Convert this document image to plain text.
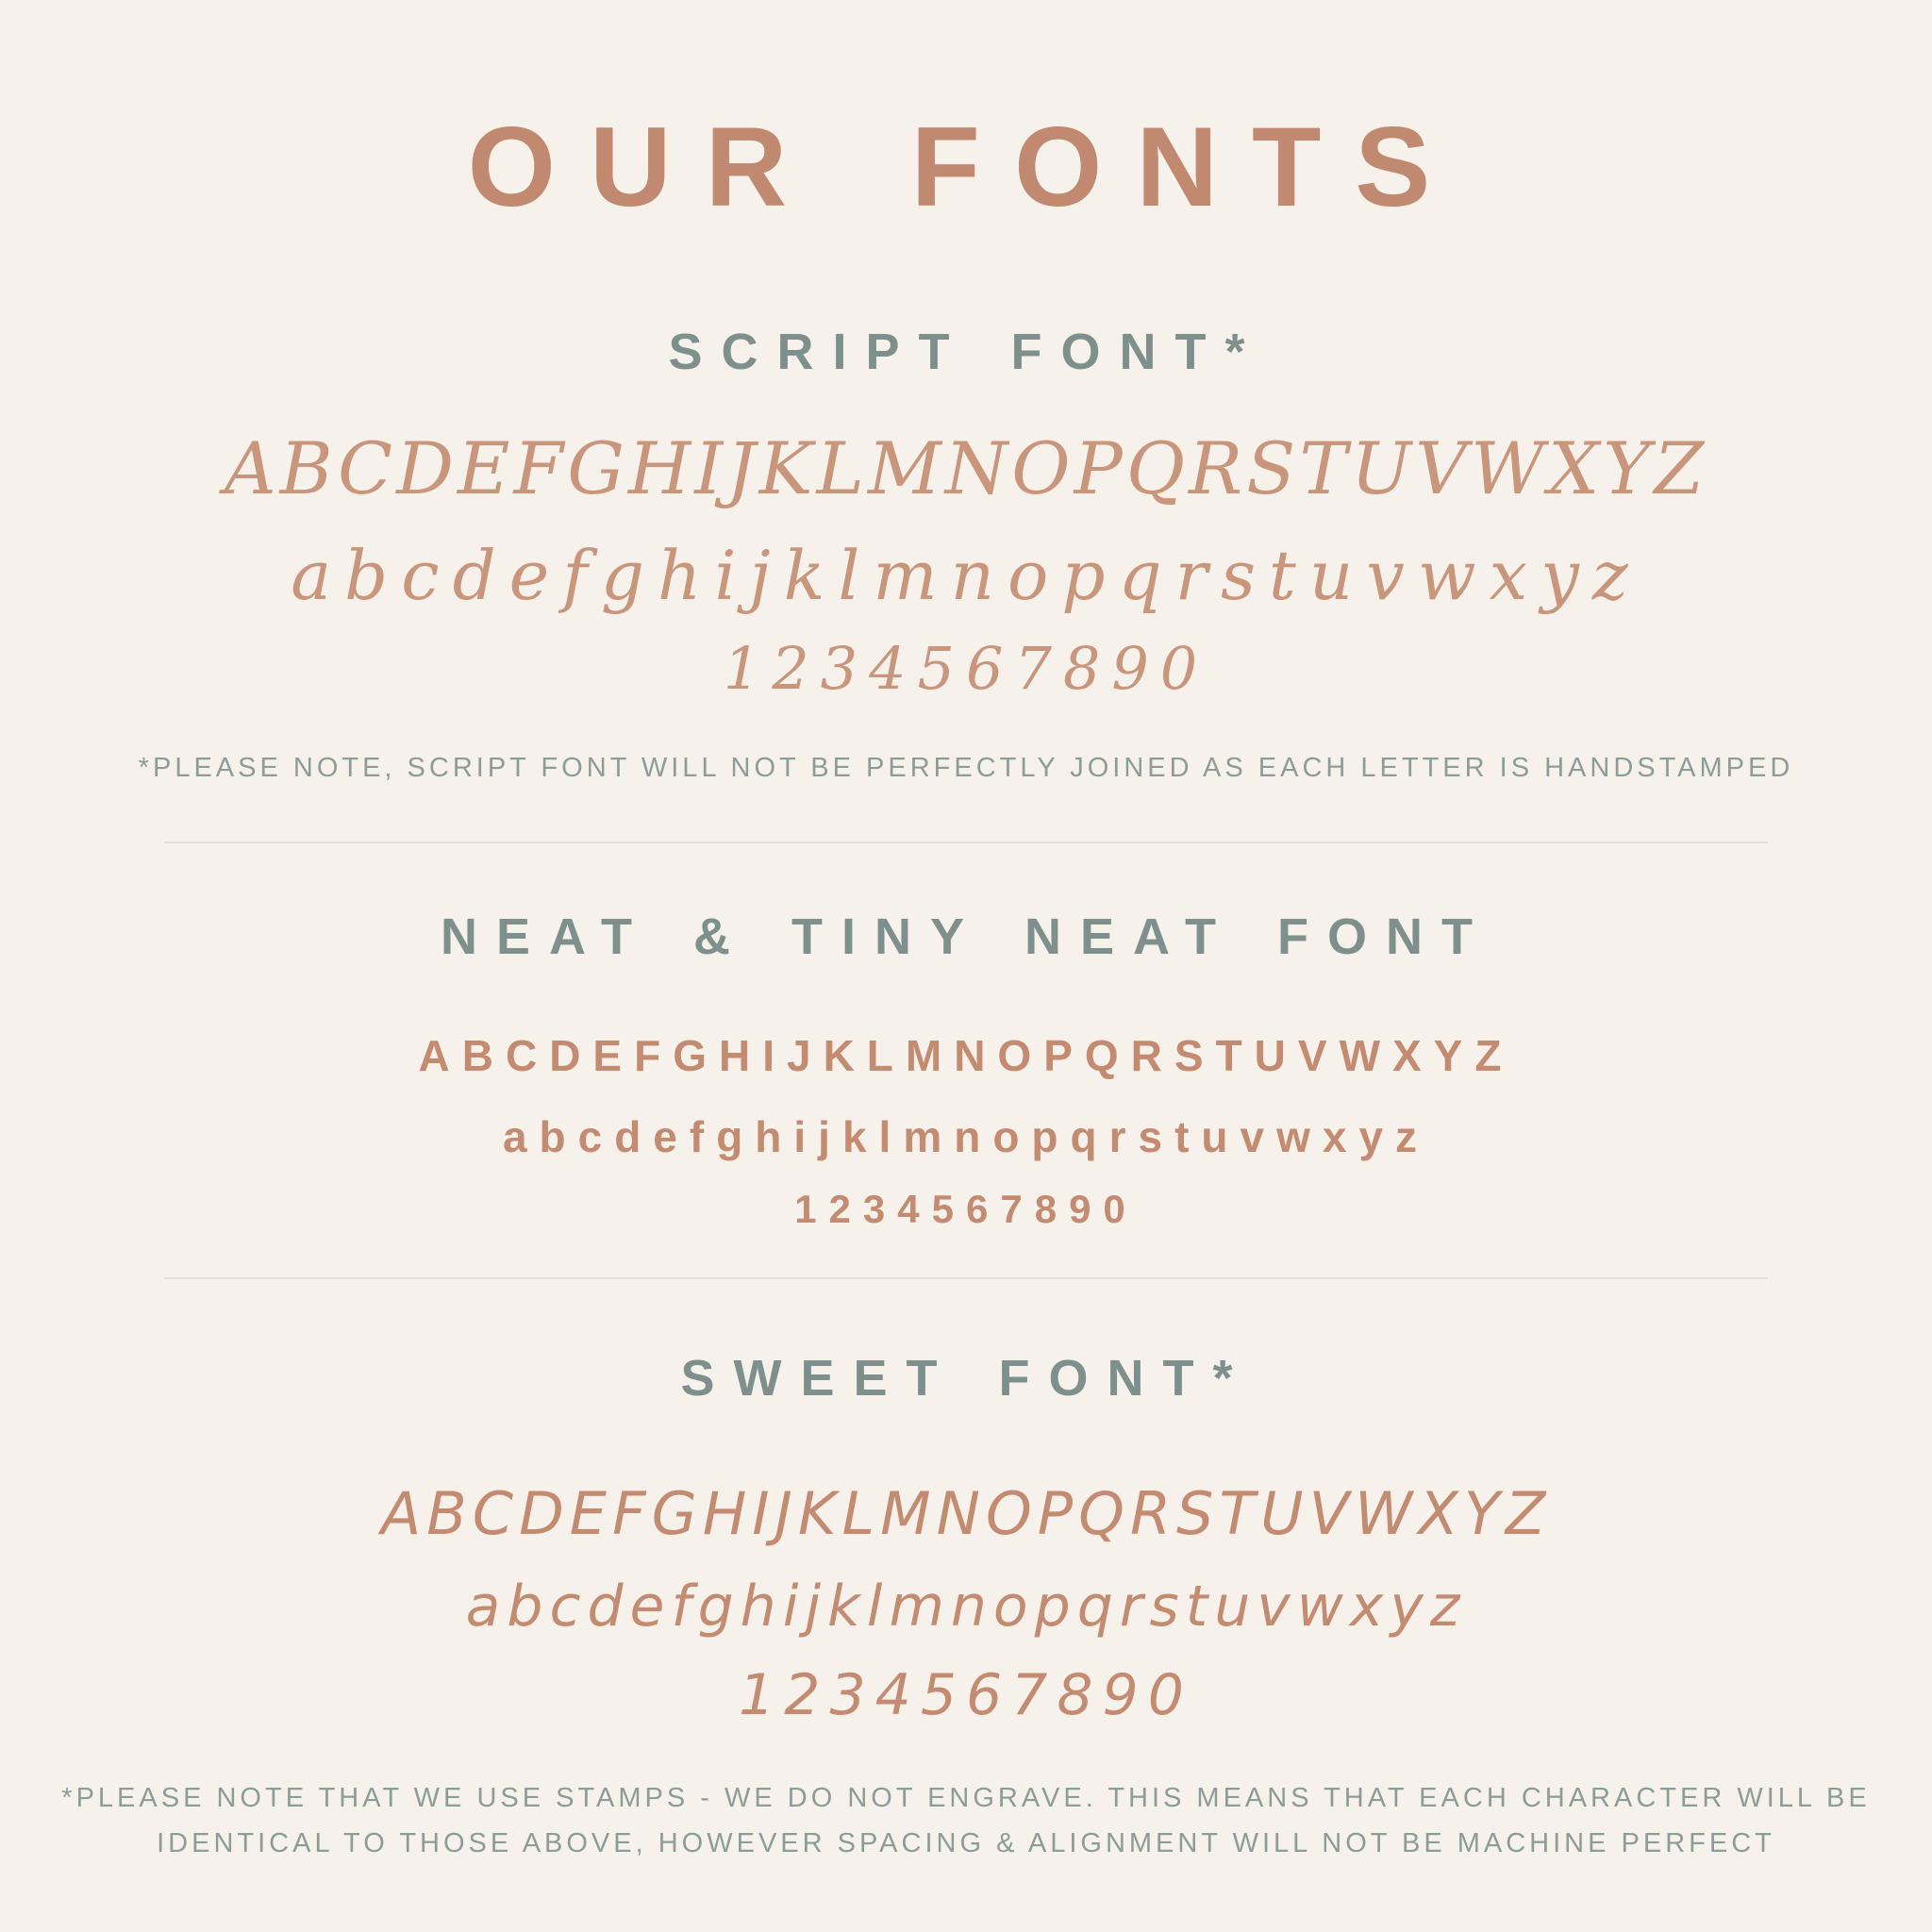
OUR FONTS
SCRIPT FONT*
ABCDEFGHIJKLMNOPQRSTUVWXYZ
abcdefghijklmnopqrstuvwxyz
1234567890
*PLEASE NOTE, SCRIPT FONT WILL NOT BE PERFECTLY JOINED AS EACH LETTER IS HANDSTAMPED
NEAT & TINY NEAT FONT
ABCDEFGHIJKLMNOPQRSTUVWXYZ
abcdefghijklmnopqrstuvwxyz
1234567890
SWEET FONT*
ABCDEFGHIJKLMNOPQRSTUVWXYZ
abcdefghijklmnopqrstuvwxyz
1234567890
*PLEASE NOTE THAT WE USE STAMPS - WE DO NOT ENGRAVE. THIS MEANS THAT EACH CHARACTER WILL BE
IDENTICAL TO THOSE ABOVE, HOWEVER SPACING & ALIGNMENT WILL NOT BE MACHINE PERFECT
